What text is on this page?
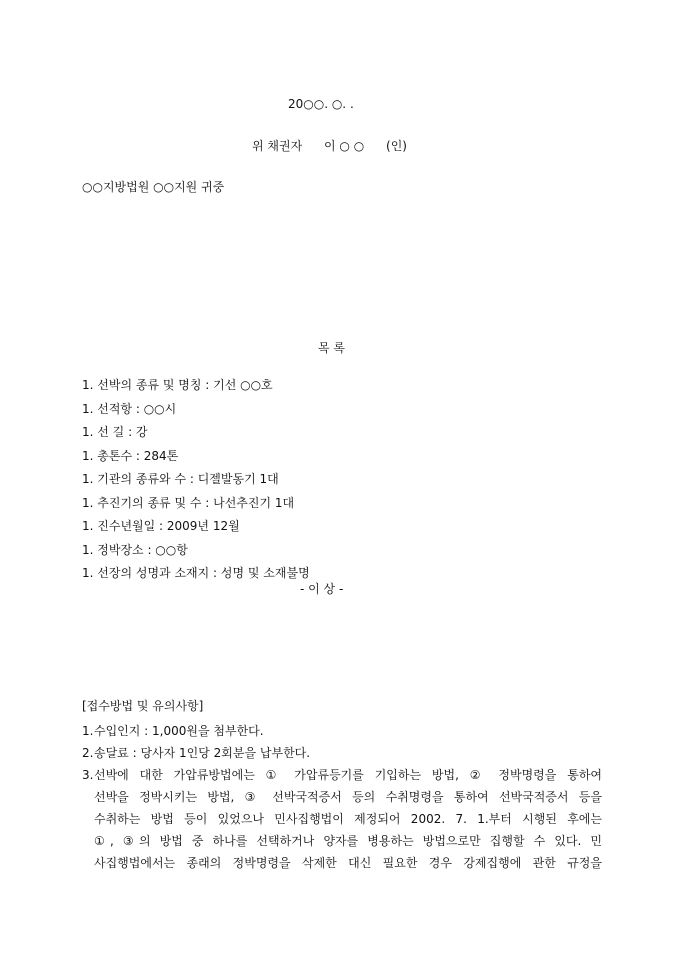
20○○. ○. .
위 채권자 이 ○ ○ (인)
○○지방법원 ○○지원 귀중
목 록
1. 선박의 종류 및 명칭 : 기선 ○○호
1. 선적항 : ○○시
1. 선 길 : 강
1. 총톤수 : 284톤
1. 기관의 종류와 수 : 디젤발동기 1대
1. 추진기의 종류 및 수 : 나선추진기 1대
1. 진수년월일 : 2009년 12월
1. 정박장소 : ○○항
1. 선장의 성명과 소재지 : 성명 및 소재불명
- 이 상 -
[접수방법 및 유의사항]
1. 수입인지 : 1,000원을 첨부한다.
2. 송달료 : 당사자 1인당 2회분을 납부한다.
3. 선박에 대한 가압류방법에는 ① 가압류등기를 기입하는 방법, ② 정박명령을 통하여
선박을 정박시키는 방법, ③ 선박국적증서 등의 수취명령을 통하여 선박국적증서 등을
수취하는 방법 등이 있었으나 민사집행법이 제정되어 2002. 7. 1.부터 시행된 후에는
①, ③의 방법 중 하나를 선택하거나 양자를 병용하는 방법으로만 집행할 수 있다. 민
사집행법에서는 종래의 정박명령을 삭제한 대신 필요한 경우 강제집행에 관한 규정을
